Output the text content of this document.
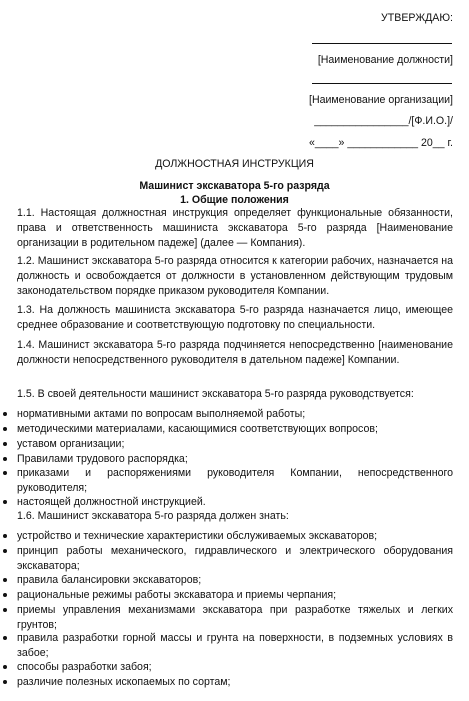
УТВЕРЖДАЮ:
[Наименование должности]
[Наименование организации]
________________/[Ф.И.О.]/
«____» ____________ 20__ г.
ДОЛЖНОСТНАЯ ИНСТРУКЦИЯ
Машинист экскаватора 5-го разряда
1. Общие положения
1.1. Настоящая должностная инструкция определяет функциональные обязанности, права и ответственность машиниста экскаватора 5-го разряда [Наименование организации в родительном падеже] (далее — Компания).
1.2. Машинист экскаватора 5-го разряда относится к категории рабочих, назначается на должность и освобождается от должности в установленном действующим трудовым законодательством порядке приказом руководителя Компании.
1.3. На должность машиниста экскаватора 5-го разряда назначается лицо, имеющее среднее образование и соответствующую подготовку по специальности.
1.4. Машинист экскаватора 5-го разряда подчиняется непосредственно [наименование должности непосредственного руководителя в дательном падеже] Компании.
1.5. В своей деятельности машинист экскаватора 5-го разряда руководствуется:
нормативными актами по вопросам выполняемой работы;
методическими материалами, касающимися соответствующих вопросов;
уставом организации;
Правилами трудового распорядка;
приказами и распоряжениями руководителя Компании, непосредственного руководителя;
настоящей должностной инструкцией.
1.6. Машинист экскаватора 5-го разряда должен знать:
устройство и технические характеристики обслуживаемых экскаваторов;
принцип работы механического, гидравлического и электрического оборудования экскаватора;
правила балансировки экскаваторов;
рациональные режимы работы экскаватора и приемы черпания;
приемы управления механизмами экскаватора при разработке тяжелых и легких грунтов;
правила разработки горной массы и грунта на поверхности, в подземных условиях в забое;
способы разработки забоя;
различие полезных ископаемых по сортам;
